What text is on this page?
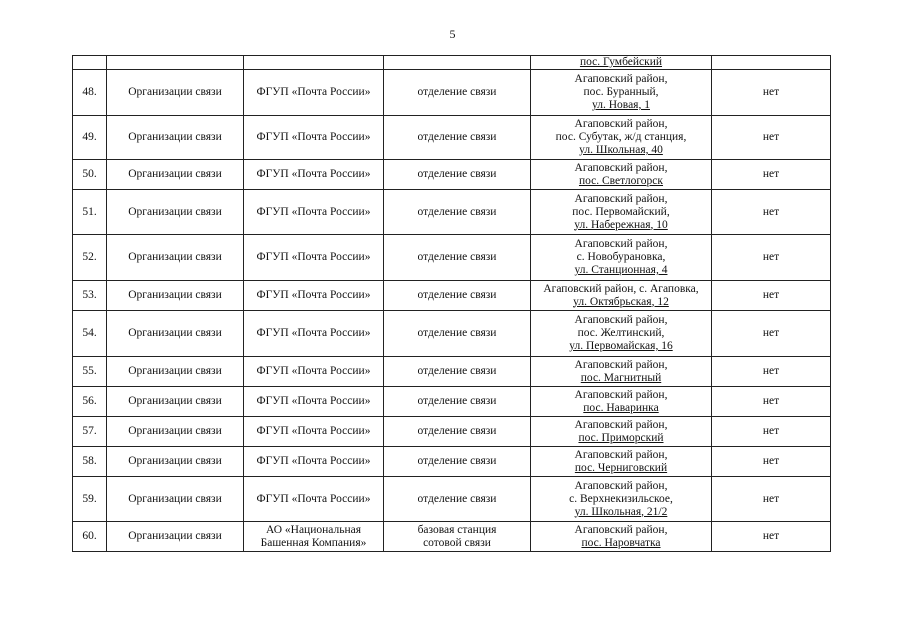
5

				пос. Гумбейский	

48.	Организации связи	ФГУП «Почта России»	отделение связи	Агаповский район,
пос. Буранный,
ул. Новая, 1	нет
49.	Организации связи	ФГУП «Почта России»	отделение связи	Агаповский район,
пос. Субутак, ж/д станция,
ул. Школьная, 40	нет
50.	Организации связи	ФГУП «Почта России»	отделение связи	Агаповский район,
пос. Светлогорск	нет
51.	Организации связи	ФГУП «Почта России»	отделение связи	Агаповский район,
пос. Первомайский,
ул. Набережная, 10	нет
52.	Организации связи	ФГУП «Почта России»	отделение связи	Агаповский район,
с. Новобурановка,
ул. Станционная, 4	нет
53.	Организации связи	ФГУП «Почта России»	отделение связи	Агаповский район, с. Агаповка,
ул. Октябрьская, 12	нет
54.	Организации связи	ФГУП «Почта России»	отделение связи	Агаповский район,
пос. Желтинский,
ул. Первомайская, 16	нет
55.	Организации связи	ФГУП «Почта России»	отделение связи	Агаповский район,
пос. Магнитный	нет
56.	Организации связи	ФГУП «Почта России»	отделение связи	Агаповский район,
пос. Наваринка	нет
57.	Организации связи	ФГУП «Почта России»	отделение связи	Агаповский район,
пос. Приморский	нет
58.	Организации связи	ФГУП «Почта России»	отделение связи	Агаповский район,
пос. Черниговский	нет
59.	Организации связи	ФГУП «Почта России»	отделение связи	Агаповский район,
с. Верхнекизильское,
ул. Школьная, 21/2	нет
60.	Организации связи	АО «Национальная
Башенная Компания»	базовая станция
сотовой связи	Агаповский район,
пос. Наровчатка	нет
